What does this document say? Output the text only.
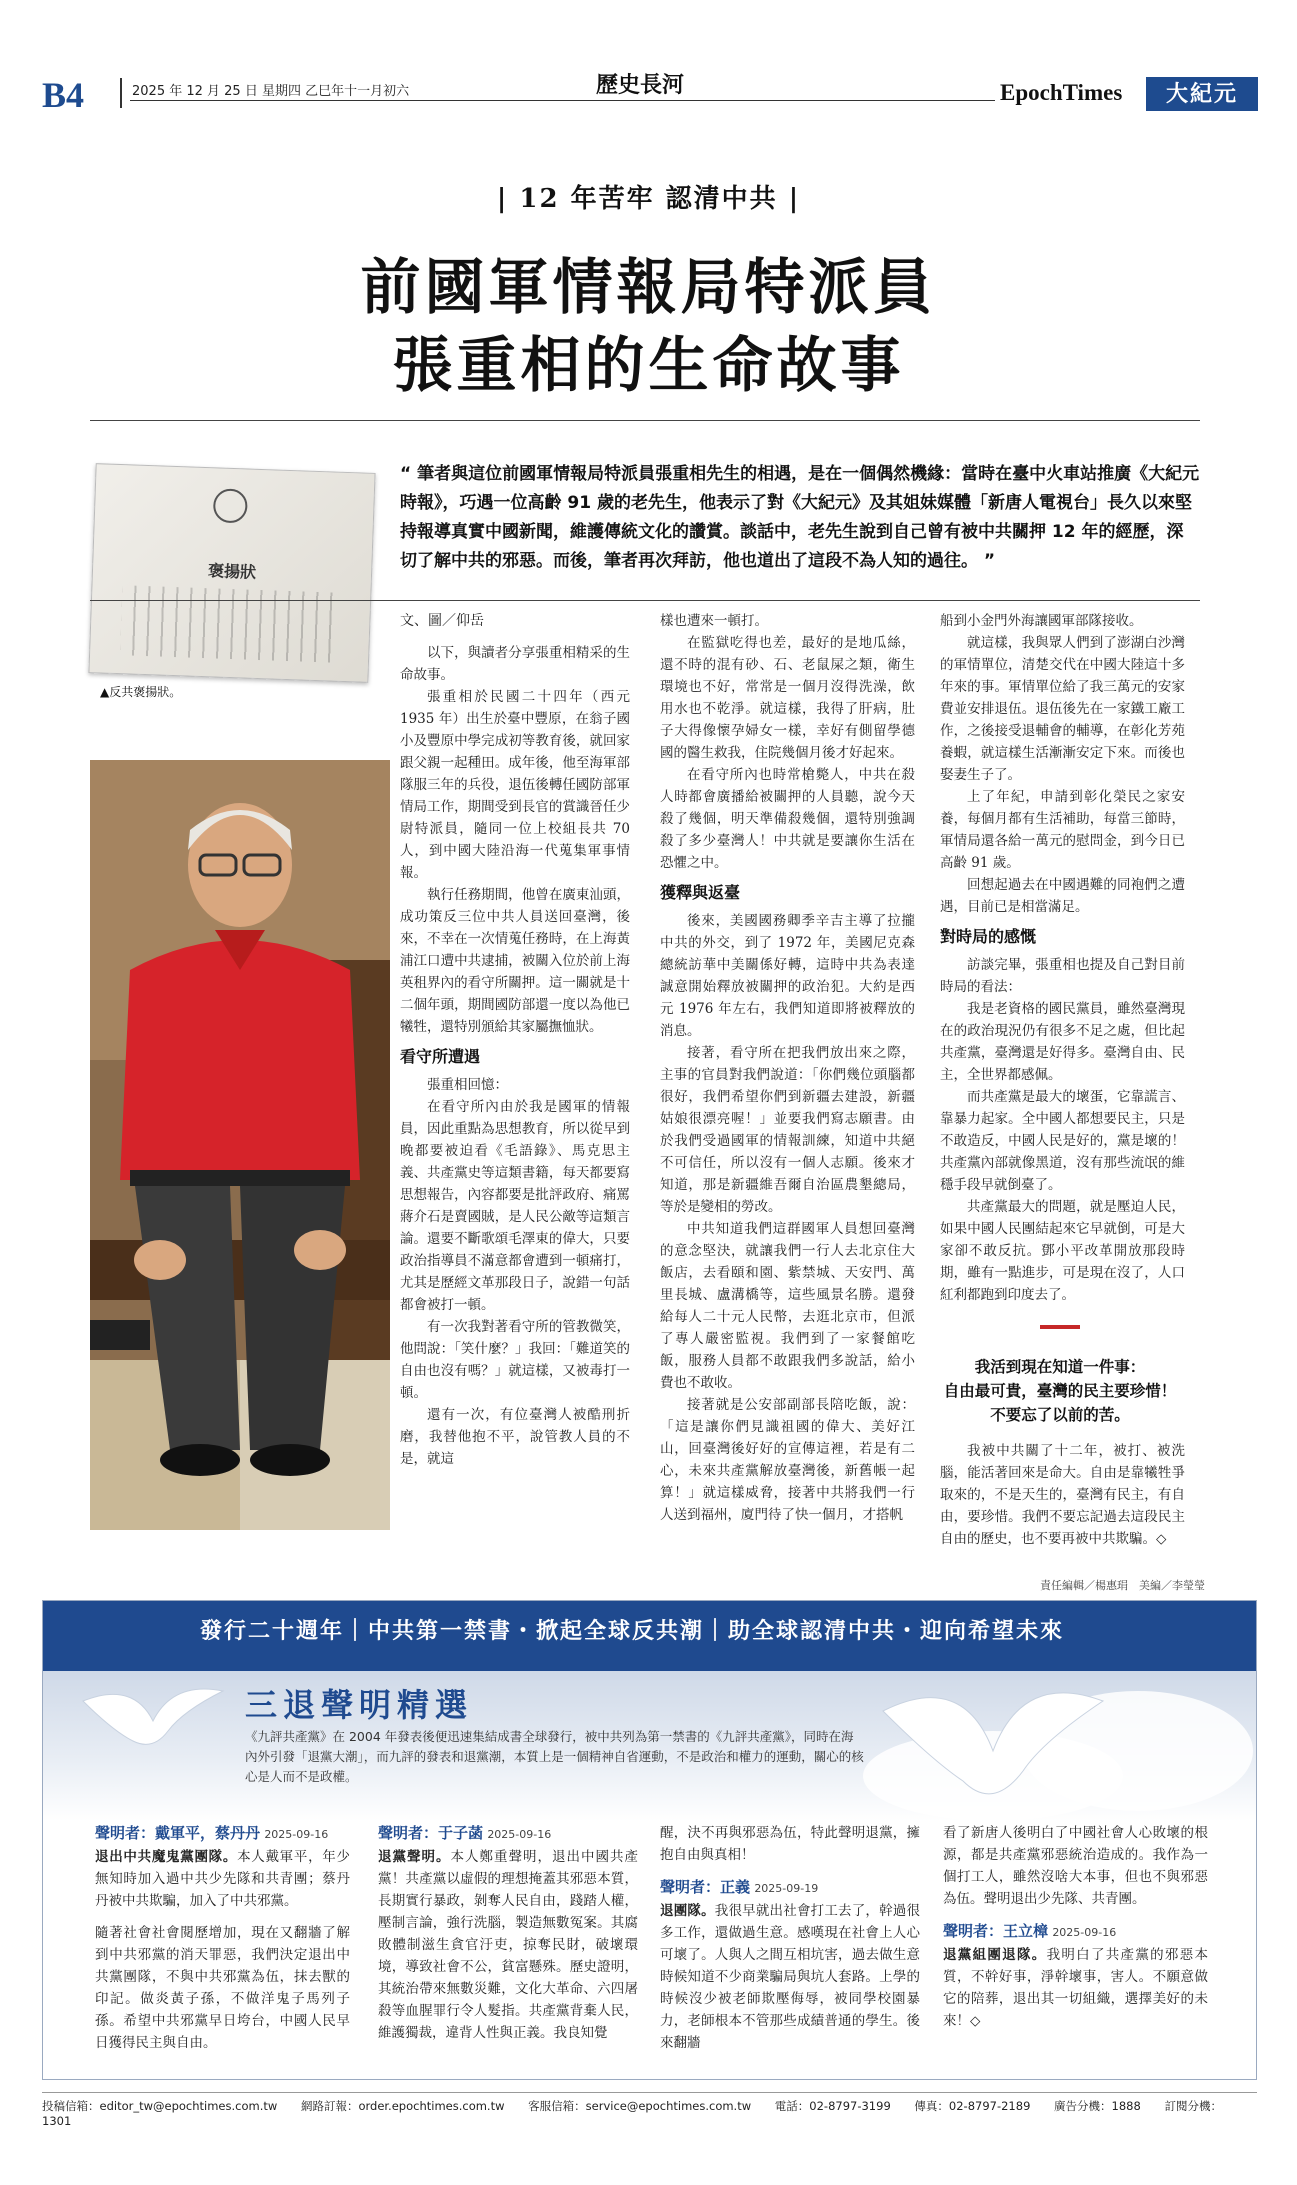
B4	2025 年 12 月 25 日 星期四 乙巳年十一月初六	歷史長河	EpochTimes	大紀元
| 12 年苦牢 認清中共 |
前國軍情報局特派員
張重相的生命故事
褒揚狀
▲反共褒揚狀。
“ 筆者與這位前國軍情報局特派員張重相先生的相遇，是在一個偶然機緣：當時在臺中火車站推廣《大紀元時報》，巧遇一位高齡 91 歲的老先生，他表示了對《大紀元》及其姐妹媒體「新唐人電視台」長久以來堅持報導真實中國新聞，維護傳統文化的讚賞。談話中，老先生說到自己曾有被中共關押 12 年的經歷，深切了解中共的邪惡。而後，筆者再次拜訪，他也道出了這段不為人知的過往。 ”
文、圖／仰岳

以下，與讀者分享張重相精采的生命故事。

張重相於民國二十四年（西元 1935 年）出生於臺中豐原，在翁子國小及豐原中學完成初等教育後，就回家跟父親一起種田。成年後，他至海軍部隊服三年的兵役，退伍後轉任國防部軍情局工作，期間受到長官的賞識晉任少尉特派員，隨同一位上校組長共 70 人，到中國大陸沿海一代蒐集軍事情報。

執行任務期間，他曾在廣東汕頭，成功策反三位中共人員送回臺灣，後來，不幸在一次情蒐任務時，在上海黃浦江口遭中共逮捕，被關入位於前上海英租界內的看守所關押。這一關就是十二個年頭，期間國防部還一度以為他已犧牲，還特別頒給其家屬撫恤狀。

看守所遭遇

張重相回憶：

在看守所內由於我是國軍的情報員，因此重點為思想教育，所以從早到晚都要被迫看《毛語錄》、馬克思主義、共產黨史等這類書籍，每天都要寫思想報告，內容都要是批評政府、痛罵蔣介石是賣國賊，是人民公敵等這類言論。還要不斷歌頌毛澤東的偉大，只要政治指導員不滿意都會遭到一頓痛打，尤其是歷經文革那段日子，說錯一句話都會被打一頓。

有一次我對著看守所的管教微笑，他問說：「笑什麼？」我回：「難道笑的自由也沒有嗎？」就這樣，又被毒打一頓。

還有一次，有位臺灣人被酷刑折磨，我替他抱不平，說管教人員的不是，就這

樣也遭來一頓打。

在監獄吃得也差，最好的是地瓜絲，還不時的混有砂、石、老鼠屎之類，衛生環境也不好，常常是一個月沒得洗澡，飲用水也不乾淨。就這樣，我得了肝病，肚子大得像懷孕婦女一樣，幸好有側留學德國的醫生救我，住院幾個月後才好起來。

在看守所內也時常槍斃人，中共在殺人時都會廣播給被關押的人員聽，說今天殺了幾個，明天準備殺幾個，還特別強調殺了多少臺灣人！中共就是要讓你生活在恐懼之中。

獲釋與返臺

後來，美國國務卿季辛吉主導了拉攏中共的外交，到了 1972 年，美國尼克森總統訪華中美關係好轉，這時中共為表達誠意開始釋放被關押的政治犯。大約是西元 1976 年左右，我們知道即將被釋放的消息。

接著，看守所在把我們放出來之際，主事的官員對我們說道：「你們幾位頭腦都很好，我們希望你們到新疆去建設，新疆姑娘很漂亮喔！」並要我們寫志願書。由於我們受過國軍的情報訓練，知道中共絕不可信任，所以沒有一個人志願。後來才知道，那是新疆維吾爾自治區農墾總局，等於是變相的勞改。

中共知道我們這群國軍人員想回臺灣的意念堅決，就讓我們一行人去北京住大飯店，去看頤和園、紫禁城、天安門、萬里長城、盧溝橋等，這些風景名勝。還發給每人二十元人民幣，去逛北京市，但派了專人嚴密監視。我們到了一家餐館吃飯，服務人員都不敢跟我們多說話，給小費也不敢收。

接著就是公安部副部長陪吃飯，說：「這是讓你們見識祖國的偉大、美好江山，回臺灣後好好的宣傳這裡，若是有二心，未來共產黨解放臺灣後，新舊帳一起算！」就這樣威脅，接著中共將我們一行人送到福州，廈門待了快一個月，才搭帆

船到小金門外海讓國軍部隊接收。

就這樣，我與眾人們到了澎湖白沙灣的軍情單位，清楚交代在中國大陸這十多年來的事。軍情單位給了我三萬元的安家費並安排退伍。退伍後先在一家鐵工廠工作，之後接受退輔會的輔導，在彰化芳苑養蝦，就這樣生活漸漸安定下來。而後也娶妻生子了。

上了年紀，申請到彰化榮民之家安養，每個月都有生活補助，每當三節時，軍情局還各給一萬元的慰問金，到今日已高齡 91 歲。

回想起過去在中國遇難的同袍們之遭遇，目前已是相當滿足。

對時局的感慨

訪談完畢，張重相也提及自己對目前時局的看法：

我是老資格的國民黨員，雖然臺灣現在的政治現況仍有很多不足之處，但比起共產黨，臺灣還是好得多。臺灣自由、民主，全世界都感佩。

而共產黨是最大的壞蛋，它靠謊言、靠暴力起家。全中國人都想要民主，只是不敢造反，中國人民是好的，黨是壞的！共產黨內部就像黑道，沒有那些流氓的維穩手段早就倒臺了。

共產黨最大的問題，就是壓迫人民，如果中國人民團結起來它早就倒，可是大家卻不敢反抗。鄧小平改革開放那段時期，雖有一點進步，可是現在沒了，人口紅利都跑到印度去了。

我活到現在知道一件事：
自由最可貴，臺灣的民主要珍惜！
不要忘了以前的苦。

我被中共關了十二年，被打、被洗腦，能活著回來是命大。自由是靠犧牲爭取來的，不是天生的，臺灣有民主，有自由，要珍惜。我們不要忘記過去這段民主自由的歷史，也不要再被中共欺騙。◇

責任編輯／楊惠琄　美編／李瑩瑩
發行二十週年｜中共第一禁書・掀起全球反共潮｜助全球認清中共・迎向希望未來
三退聲明精選
《九評共產黨》在 2004 年發表後便迅速集結成書全球發行，被中共列為第一禁書的《九評共產黨》，同時在海內外引發「退黨大潮」，而九評的發表和退黨潮，本質上是一個精神自省運動，不是政治和權力的運動，關心的核心是人而不是政權。

聲明者：戴軍平，蔡丹丹 2025-09-16
退出中共魔鬼黨團隊。本人戴軍平，年少無知時加入過中共少先隊和共青團；蔡丹丹被中共欺騙，加入了中共邪黨。

隨著社會社會閱歷增加，現在又翻牆了解到中共邪黨的消天罪惡，我們決定退出中共黨團隊，不與中共邪黨為伍，抹去獸的印記。做炎黃子孫，不做洋鬼子馬列子孫。希望中共邪黨早日垮台，中國人民早日獲得民主與自由。

聲明者：于子菡 2025-09-16
退黨聲明。本人鄭重聲明，退出中國共產黨！共產黨以虛假的理想掩蓋其邪惡本質，長期實行暴政，剝奪人民自由，踐踏人權，壓制言論，強行洗腦，製造無數冤案。其腐敗體制滋生貪官汙吏，掠奪民財，破壞環境，導致社會不公，貧富懸殊。歷史證明，其統治帶來無數災難，文化大革命、六四屠殺等血腥罪行令人髮指。共產黨背棄人民，維護獨裁，違背人性與正義。我良知覺

醒，決不再與邪惡為伍，特此聲明退黨，擁抱自由與真相！

聲明者：正義 2025-09-19
退團隊。我很早就出社會打工去了，幹過很多工作，還做過生意。感嘆現在社會上人心可壞了。人與人之間互相坑害，過去做生意時候知道不少商業騙局與坑人套路。上學的時候沒少被老師欺壓侮辱，被同學校園暴力，老師根本不管那些成績普通的學生。後來翻牆

看了新唐人後明白了中國社會人心敗壞的根源，都是共產黨邪惡統治造成的。我作為一個打工人，雖然沒啥大本事，但也不與邪惡為伍。聲明退出少先隊、共青團。

聲明者：王立樟 2025-09-16
退黨組團退隊。我明白了共產黨的邪惡本質，不幹好事，淨幹壞事，害人。不願意做它的陪葬，退出其一切組織，選擇美好的未來！◇

投稿信箱：editor_tw@epochtimes.com.tw 網路訂報：order.epochtimes.com.tw 客服信箱：service@epochtimes.com.tw 電話：02-8797-3199 傳真：02-8797-2189 廣告分機：1888 訂閱分機：1301
